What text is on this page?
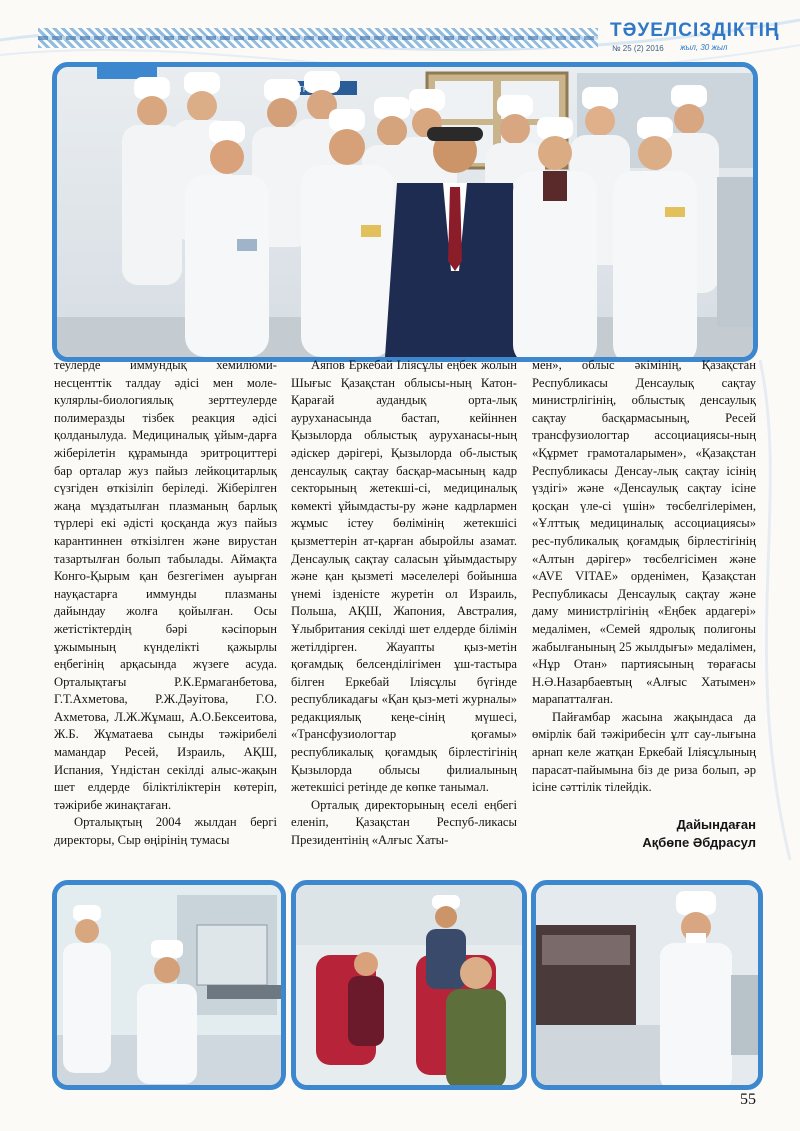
ТӘУЕЛСІЗДІКТІҢ
№ 25 (2) 2016 жыл, 30 жыл

теулерде иммундық хемилюми-несценттік талдау әдісі мен моле-кулярлы-биологиялық зерттеулерде полимеразды тізбек реакция әдісі қолданылуда. Медициналық ұйым-дарға жіберілетін құрамында эритроциттері бар орталар жуз пайыз лейкоцитарлық сүзгіден өткізіліп беріледі. Жіберілген жаңа мұздатылған плазманың барлық түрлері екі әдісті қосқанда жуз пайыз карантиннен өткізілген және вирустан тазартылған болып табылады. Аймақта Конго-Қырым қан безгегімен ауырған науқастарға иммунды плазманы дайындау жолға қойылған. Осы жетістіктердің бәрі кәсіпорын ұжымының күнделікті қажырлы еңбегінің арқасында жүзеге асуда. Орталықтағы Р.К.Ермаганбетова, Г.Т.Ахметова, Р.Ж.Дәуітова, Г.О. Ахметова, Л.Ж.Жұмаш, А.О.Бексеитова, Ж.Б. Жұматаева сынды тәжірибелі мамандар Ресей, Израиль, АҚШ, Испания, Үндістан секілді алыс-жақын шет елдерде біліктіліктерін көтеріп, тәжірибе жинақтаған.

Орталықтың 2004 жылдан бергі директоры, Сыр өңірінің тумасы

Аяпов Еркебай Іліясұлы еңбек жолын Шығыс Қазақстан облысы-ның Катон-Қарағай аудандық орта-лық ауруханасында бастап, кейіннен Қызылорда облыстық ауруханасы-ның әдіскер дәрігері, Қызылорда об-лыстық денсаулық сақтау басқар-масының кадр секторының жетекші-сі, медициналық көмекті ұйымдасты-ру және кадрлармен жұмыс істеу бөлімінің жетекшісі қызметтерін ат-қарған абыройлы азамат. Денсаулық сақтау саласын ұйымдастыру және қан қызметі мәселелері бойынша үнемі ізденісте журетін ол Израиль, Польша, АҚШ, Жапония, Австралия, Ұлыбритания секілді шет елдерде білімін жетілдірген. Жауапты қыз-метін қоғамдық белсенділігімен ұш-тастыра білген Еркебай Іліясұлы бүгінде республикадағы «Қан қыз-меті журналы» редакциялық кеңе-сінің мүшесі, «Трансфузиологтар қоғамы» республикалық қоғамдық бірлестігінің Қызылорда облысы филиалының жетекшісі ретінде де көпке танымал.

Орталық директорының еселі еңбегі еленіп, Қазақстан Респуб-ликасы Президентінің «Алғыс Хаты-

мен», облыс әкімінің, Қазақстан Республикасы Денсаулық сақтау министрлігінің, облыстық денсаулық сақтау басқармасының, Ресей трансфузиологтар ассоциациясы-ның «Құрмет грамоталарымен», «Қазақстан Республикасы Денсау-лық сақтау ісінің үздігі» және «Денсаулық сақтау ісіне қосқан үле-сі үшін» төсбелгілерімен, «Ұлттық медициналық ассоциациясы» рес-публикалық қоғамдық бірлестігінің «Алтын дәрігер» төсбелгісімен және «AVE VITAE» орденімен, Қазақстан Республикасы Денсаулық сақтау және даму министрлігінің «Еңбек ардагері» медалімен, «Семей ядролық полигоны жабылғанының 25 жылдығы» медалімен, «Нұр Отан» партиясының төрағасы Н.Ә.Назарбаевтың «Алғыс Хатымен» марапатталған.

Пайғамбар жасына жақындаса да өмірлік бай тәжірибесін ұлт сау-лығына арнап келе жатқан Еркебай Іліясұлының парасат-пайымына біз де риза болып, әр ісіне сәттілік тілейдік.

Дайындаған
Ақбөпе Әбдрасул
55
